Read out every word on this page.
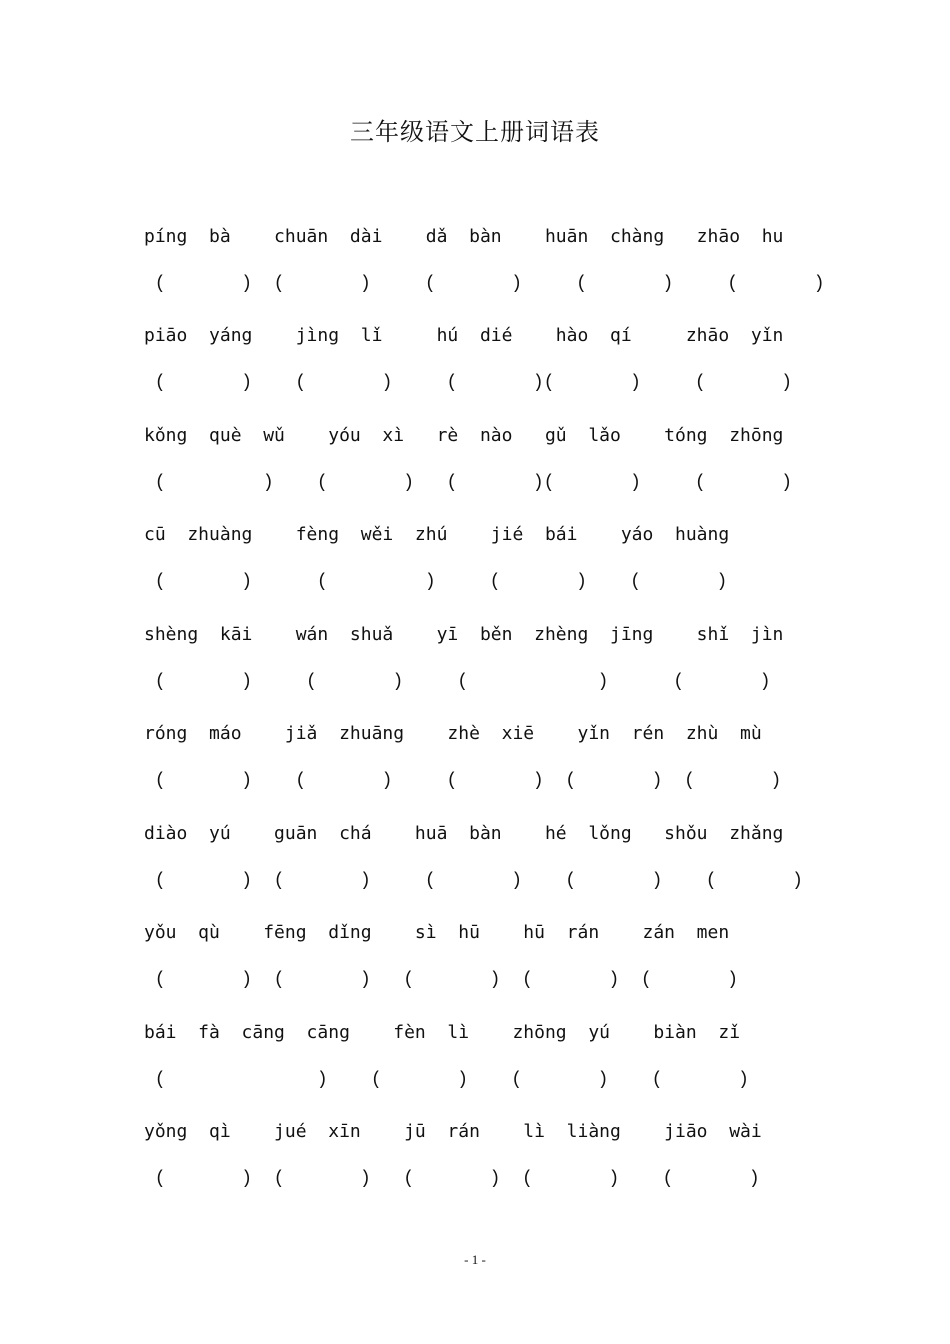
三年级语文上册词语表
píng  bà    chuān  dài    dǎ  bàn    huān  chàng   zhāo  hu
(       )  (       )     (       )     (       )     (       )
piāo  yáng    jìng  lǐ     hú  dié    hào  qí     zhāo  yǐn
(       )    (       )     (       )(       )     (       )
kǒng  què  wǔ    yóu  xì   rè  nào   gǔ  lǎo    tóng  zhōng
(         )    (       )   (       )(       )     (       )
cū  zhuàng    fèng  wěi  zhú    jié  bái    yáo  huàng
(       )      (         )     (       )    (       )
shèng  kāi    wán  shuǎ    yī  běn  zhèng  jīng    shǐ  jìn
(       )     (       )     (            )      (       )
róng  máo    jiǎ  zhuāng    zhè  xiē    yǐn  rén  zhù  mù
(       )    (       )     (       )  (       )  (       )
diào  yú    guān  chá    huā  bàn    hé  lǒng   shǒu  zhǎng
(       )  (       )     (       )    (       )    (       )
yǒu  qù    fēng  dǐng    sì  hū    hū  rán    zán  men
(       )  (       )   (       )  (       )  (       )
bái  fà  cāng  cāng    fèn  lì    zhōng  yú    biàn  zǐ
(              )    (       )    (       )    (       )
yǒng  qì    jué  xīn    jū  rán    lì  liàng    jiāo  wài
(       )  (       )   (       )  (       )    (       )
- 1 -
